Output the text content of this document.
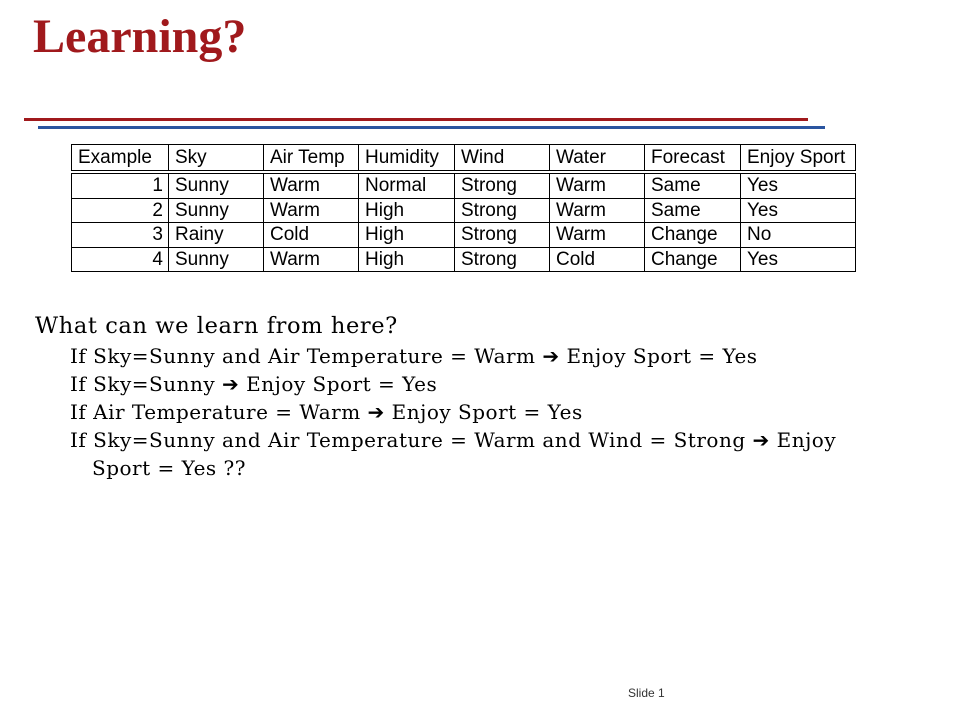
Learning?
Example	Sky	Air Temp	Humidity	Wind	Water	Forecast	Enjoy Sport
1	Sunny	Warm	Normal	Strong	Warm	Same	Yes
2	Sunny	Warm	High	Strong	Warm	Same	Yes
3	Rainy	Cold	High	Strong	Warm	Change	No
4	Sunny	Warm	High	Strong	Cold	Change	Yes
What can we learn from here?
If Sky=Sunny and Air Temperature = Warm ➔ Enjoy Sport = Yes
If Sky=Sunny ➔ Enjoy Sport = Yes
If Air Temperature = Warm ➔ Enjoy Sport = Yes
If Sky=Sunny and Air Temperature = Warm and Wind = Strong ➔ Enjoy Sport = Yes ??
Slide 1
